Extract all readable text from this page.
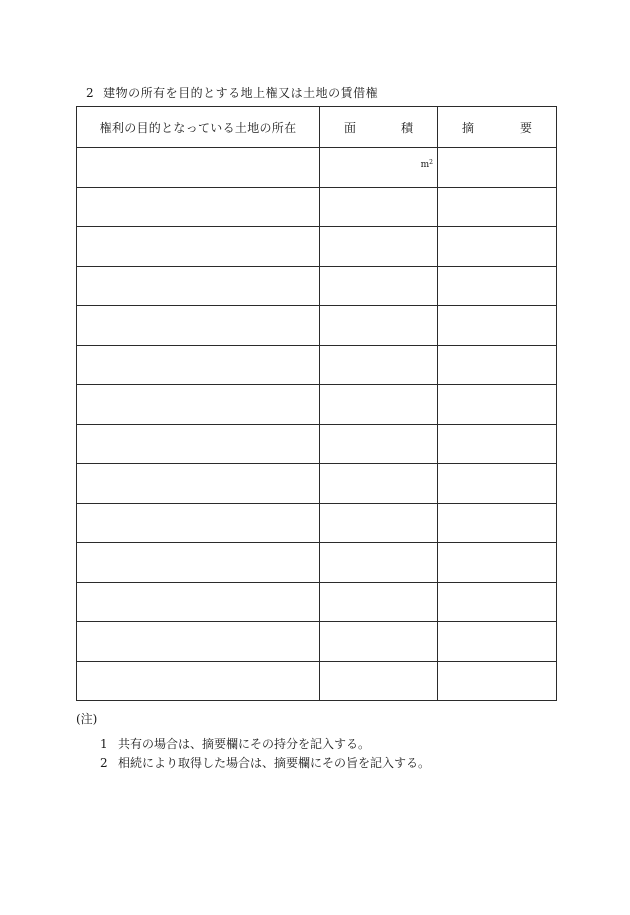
2 建物の所有を目的とする地上権又は土地の賃借権
権利の目的となっている土地の所在	面 積	摘 要

	$m^2$

(注)
1 共有の場合は、摘要欄にその持分を記入する。
2 相続により取得した場合は、摘要欄にその旨を記入する。
